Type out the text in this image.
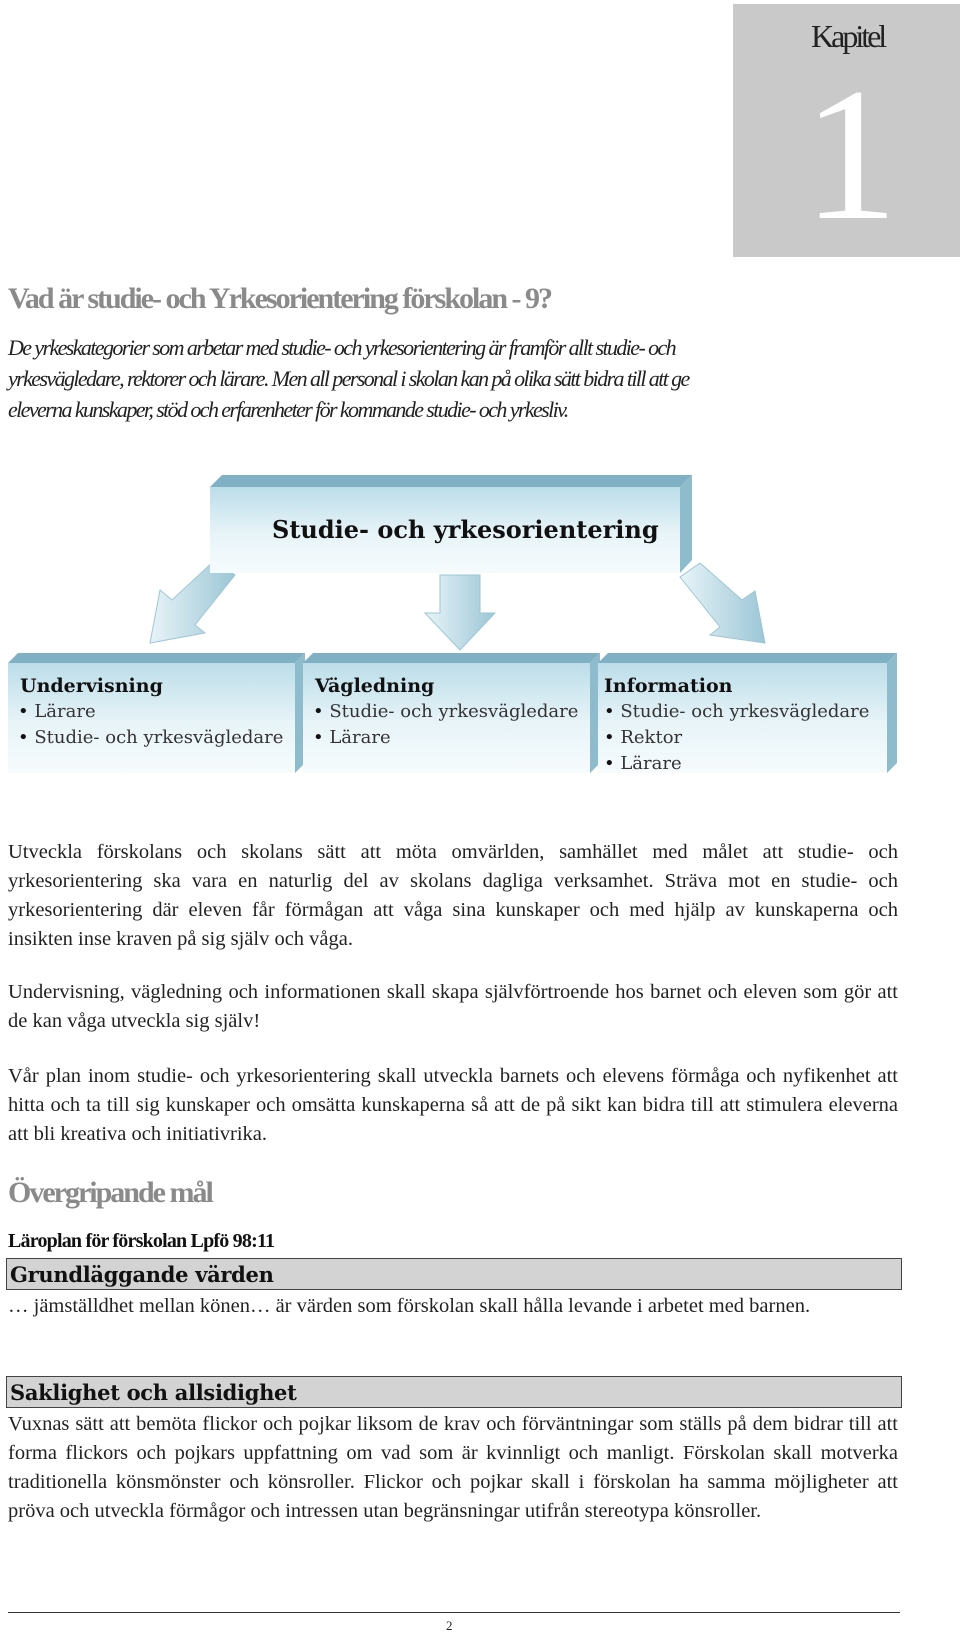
Kapitel
1
Vad är studie- och Yrkesorientering förskolan - 9?
De yrkeskategorier som arbetar med studie- och yrkesorientering är framför allt studie- och yrkesvägledare, rektorer och lärare. Men all personal i skolan kan på olika sätt bidra till att ge eleverna kunskaper, stöd och erfarenheter för kommande studie- och yrkesliv.
Studie- och yrkesorientering
Undervisning
• Lärare
• Studie- och yrkesvägledare
Vägledning
• Studie- och yrkesvägledare
• Lärare
Information
• Studie- och yrkesvägledare
• Rektor
• Lärare
Utveckla förskolans och skolans sätt att möta omvärlden, samhället med målet att studie- och yrkesorientering ska vara en naturlig del av skolans dagliga verksamhet. Sträva mot en studie- och yrkesorientering där eleven får förmågan att våga sina kunskaper och med hjälp av kunskaperna och insikten inse kraven på sig själv och våga.
Undervisning, vägledning och informationen skall skapa självförtroende hos barnet och eleven som gör att de kan våga utveckla sig själv!
Vår plan inom studie- och yrkesorientering skall utveckla barnets och elevens förmåga och nyfikenhet att hitta och ta till sig kunskaper och omsätta kunskaperna så att de på sikt kan bidra till att stimulera eleverna att bli kreativa och initiativrika.
Övergripande mål
Läroplan för förskolan Lpfö 98:11
Grundläggande värden
… jämställdhet mellan könen… är värden som förskolan skall hålla levande i arbetet med barnen.
Saklighet och allsidighet
Vuxnas sätt att bemöta flickor och pojkar liksom de krav och förväntningar som ställs på dem bidrar till att forma flickors och pojkars uppfattning om vad som är kvinnligt och manligt. Förskolan skall motverka traditionella könsmönster och könsroller. Flickor och pojkar skall i förskolan ha samma möjligheter att pröva och utveckla förmågor och intressen utan begränsningar utifrån stereotypa könsroller.
2
